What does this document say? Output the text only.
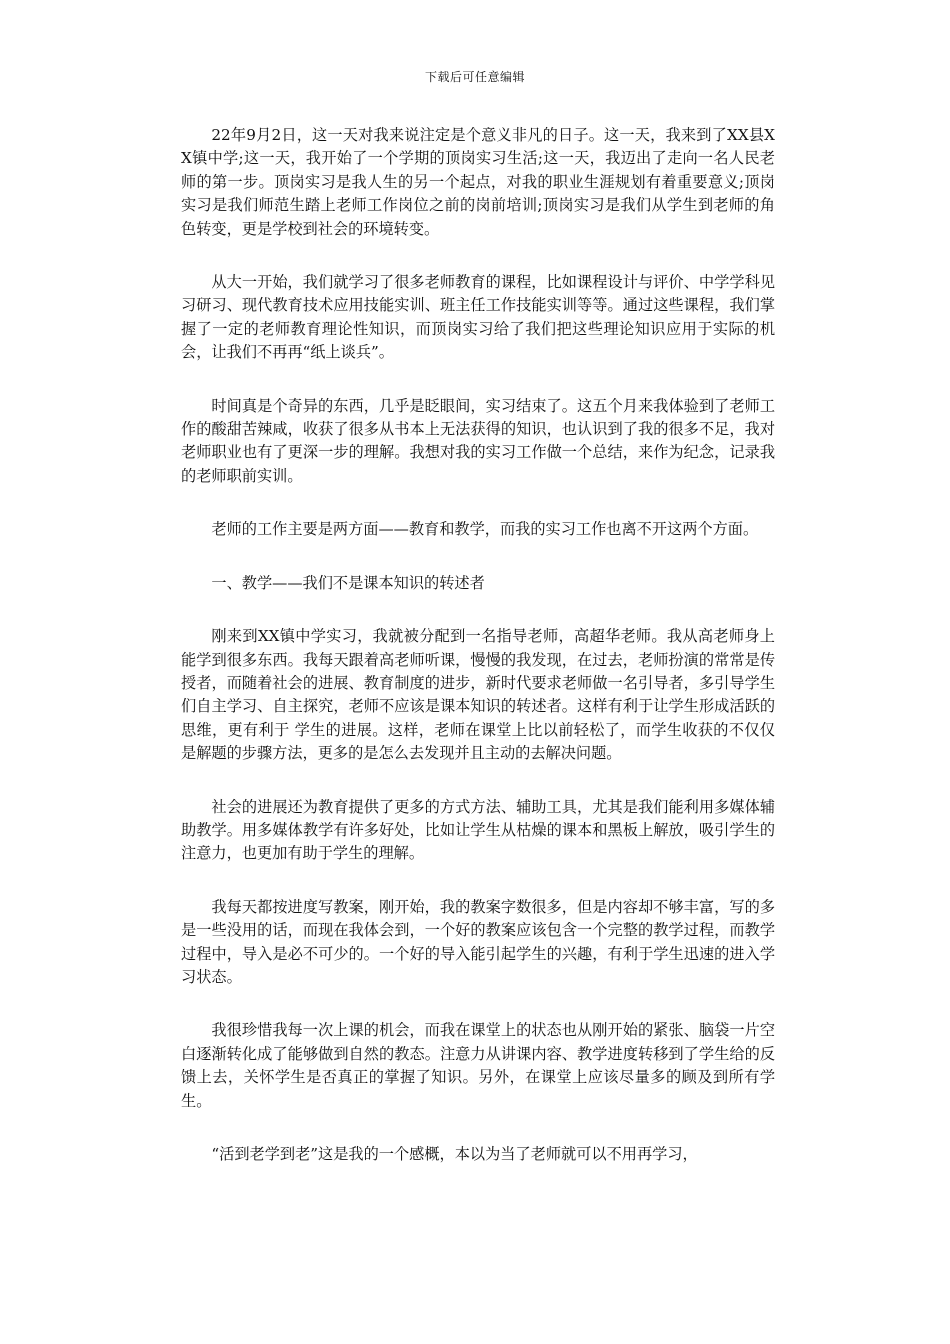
下载后可任意编辑

22年9月2日，这一天对我来说注定是个意义非凡的日子。这一天，我来到了XX县XX镇中学;这一天，我开始了一个学期的顶岗实习生活;这一天，我迈出了走向一名人民老师的第一步。顶岗实习是我人生的另一个起点，对我的职业生涯规划有着重要意义;顶岗实习是我们师范生踏上老师工作岗位之前的岗前培训;顶岗实习是我们从学生到老师的角色转变，更是学校到社会的环境转变。

从大一开始，我们就学习了很多老师教育的课程，比如课程设计与评价、中学学科见习研习、现代教育技术应用技能实训、班主任工作技能实训等等。通过这些课程，我们掌握了一定的老师教育理论性知识，而顶岗实习给了我们把这些理论知识应用于实际的机会，让我们不再再“纸上谈兵”。

时间真是个奇异的东西，几乎是眨眼间，实习结束了。这五个月来我体验到了老师工作的酸甜苦辣咸，收获了很多从书本上无法获得的知识，也认识到了我的很多不足，我对老师职业也有了更深一步的理解。我想对我的实习工作做一个总结，来作为纪念，记录我的老师职前实训。

老师的工作主要是两方面——教育和教学，而我的实习工作也离不开这两个方面。

一、教学——我们不是课本知识的转述者

刚来到XX镇中学实习，我就被分配到一名指导老师，高超华老师。我从高老师身上能学到很多东西。我每天跟着高老师听课，慢慢的我发现，在过去，老师扮演的常常是传授者，而随着社会的进展、教育制度的进步，新时代要求老师做一名引导者，多引导学生们自主学习、自主探究，老师不应该是课本知识的转述者。这样有利于让学生形成活跃的思维，更有利于 学生的进展。这样，老师在课堂上比以前轻松了，而学生收获的不仅仅是解题的步骤方法，更多的是怎么去发现并且主动的去解决问题。

社会的进展还为教育提供了更多的方式方法、辅助工具，尤其是我们能利用多媒体辅助教学。用多媒体教学有许多好处，比如让学生从枯燥的课本和黑板上解放，吸引学生的注意力，也更加有助于学生的理解。

我每天都按进度写教案，刚开始，我的教案字数很多，但是内容却不够丰富，写的多是一些没用的话，而现在我体会到，一个好的教案应该包含一个完整的教学过程，而教学过程中，导入是必不可少的。一个好的导入能引起学生的兴趣，有利于学生迅速的进入学习状态。

我很珍惜我每一次上课的机会，而我在课堂上的状态也从刚开始的紧张、脑袋一片空白逐渐转化成了能够做到自然的教态。注意力从讲课内容、教学进度转移到了学生给的反馈上去，关怀学生是否真正的掌握了知识。另外，在课堂上应该尽量多的顾及到所有学生。

“活到老学到老”这是我的一个感概，本以为当了老师就可以不用再学习，
